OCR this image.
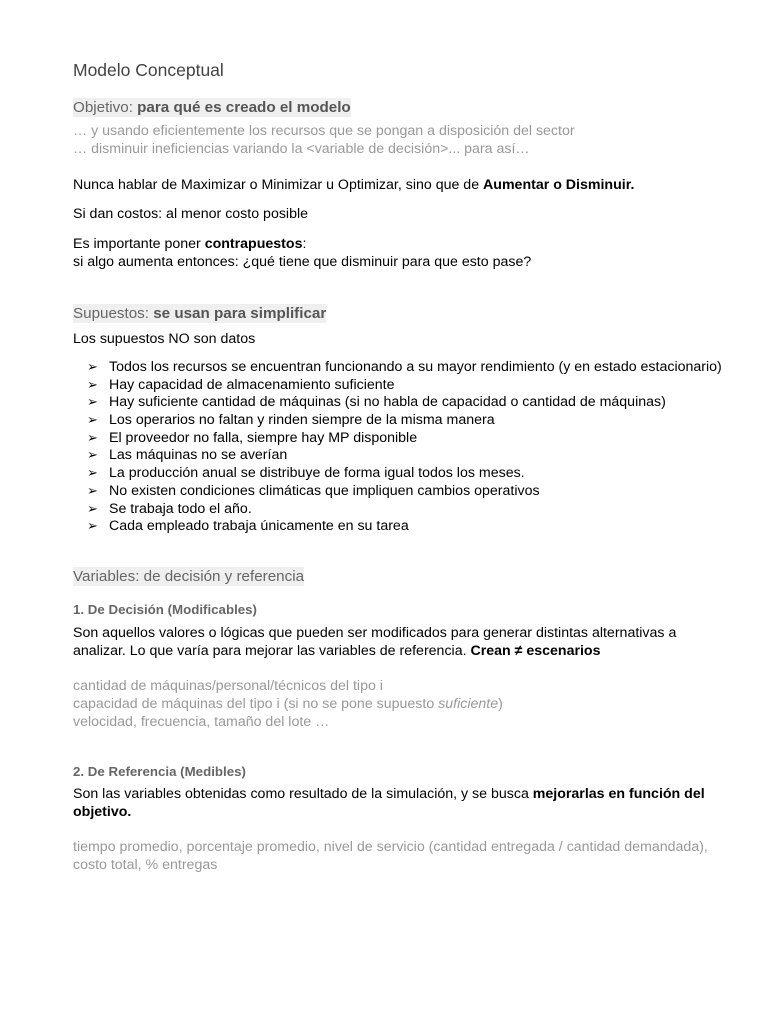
Modelo Conceptual
Objetivo: para qué es creado el modelo

… y usando eficientemente los recursos que se pongan a disposición del sector

… disminuir ineficiencias variando la <variable de decisión>... para así…

Nunca hablar de Maximizar o Minimizar u Optimizar, sino que de Aumentar o Disminuir.

Si dan costos: al menor costo posible

Es importante poner contrapuestos:

si algo aumenta entonces: ¿qué tiene que disminuir para que esto pase?

Supuestos: se usan para simplificar

Los supuestos NO son datos

➢ Todos los recursos se encuentran funcionando a su mayor rendimiento (y en estado estacionario)
➢ Hay capacidad de almacenamiento suficiente
➢ Hay suficiente cantidad de máquinas (si no habla de capacidad o cantidad de máquinas)
➢ Los operarios no faltan y rinden siempre de la misma manera
➢ El proveedor no falla, siempre hay MP disponible
➢ Las máquinas no se averían
➢ La producción anual se distribuye de forma igual todos los meses.
➢ No existen condiciones climáticas que impliquen cambios operativos
➢ Se trabaja todo el año.
➢ Cada empleado trabaja únicamente en su tarea
Variables: de decisión y referencia
1. De Decisión (Modificables)

Son aquellos valores o lógicas que pueden ser modificados para generar distintas alternativas a

analizar. Lo que varía para mejorar las variables de referencia. Crean ≠ escenarios

cantidad de máquinas/personal/técnicos del tipo i

capacidad de máquinas del tipo i (si no se pone supuesto suficiente)

velocidad, frecuencia, tamaño del lote …

2. De Referencia (Medibles)

Son las variables obtenidas como resultado de la simulación, y se busca mejorarlas en función del

objetivo.

tiempo promedio, porcentaje promedio, nivel de servicio (cantidad entregada / cantidad demandada),

costo total, % entregas
